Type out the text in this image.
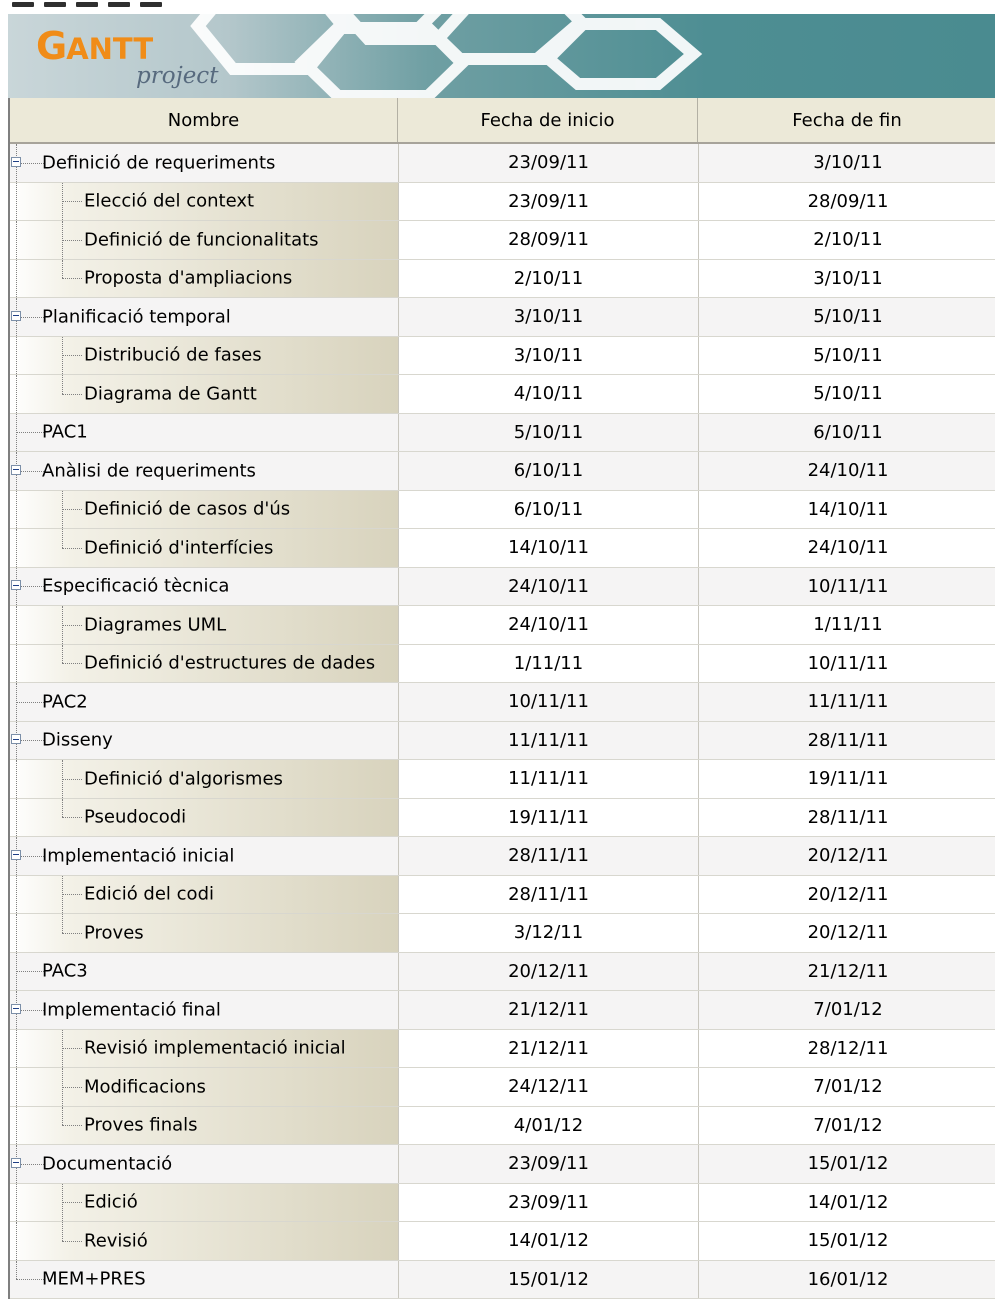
GANTT
project
Nombre	Fecha de inicio	Fecha de fin
Definició de requeriments	23/09/11	3/10/11
Elecció del context	23/09/11	28/09/11
Definició de funcionalitats	28/09/11	2/10/11
Proposta d'ampliacions	2/10/11	3/10/11
Planificació temporal	3/10/11	5/10/11
Distribució de fases	3/10/11	5/10/11
Diagrama de Gantt	4/10/11	5/10/11
PAC1	5/10/11	6/10/11
Anàlisi de requeriments	6/10/11	24/10/11
Definició de casos d'ús	6/10/11	14/10/11
Definició d'interfícies	14/10/11	24/10/11
Especificació tècnica	24/10/11	10/11/11
Diagrames UML	24/10/11	1/11/11
Definició d'estructures de dades	1/11/11	10/11/11
PAC2	10/11/11	11/11/11
Disseny	11/11/11	28/11/11
Definició d'algorismes	11/11/11	19/11/11
Pseudocodi	19/11/11	28/11/11
Implementació inicial	28/11/11	20/12/11
Edició del codi	28/11/11	20/12/11
Proves	3/12/11	20/12/11
PAC3	20/12/11	21/12/11
Implementació final	21/12/11	7/01/12
Revisió implementació inicial	21/12/11	28/12/11
Modificacions	24/12/11	7/01/12
Proves finals	4/01/12	7/01/12
Documentació	23/09/11	15/01/12
Edició	23/09/11	14/01/12
Revisió	14/01/12	15/01/12
MEM+PRES	15/01/12	16/01/12
